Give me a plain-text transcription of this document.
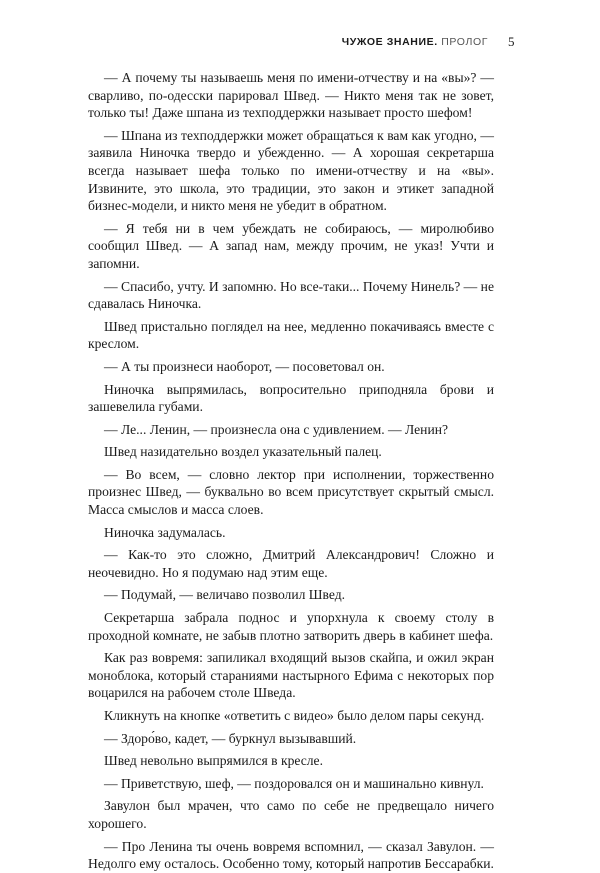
ЧУЖОЕ ЗНАНИЕ. ПРОЛОГ 5

— А почему ты называешь меня по имени-отчеству и на «вы»? — сварливо, по-одесски парировал Швед. — Никто меня так не зовет, только ты! Даже шпана из техподдержки называет просто шефом!

— Шпана из техподдержки может обращаться к вам как угодно, — заявила Ниночка твердо и убежденно. — А хорошая секретарша всегда называет шефа только по имени-отчеству и на «вы». Извините, это школа, это традиции, это закон и этикет западной бизнес-модели, и никто меня не убедит в обратном.

— Я тебя ни в чем убеждать не собираюсь, — миролюбиво сообщил Швед. — А запад нам, между прочим, не указ! Учти и запомни.

— Спасибо, учту. И запомню. Но все-таки... Почему Нинель? — не сдавалась Ниночка.

Швед пристально поглядел на нее, медленно покачиваясь вместе с креслом.

— А ты произнеси наоборот, — посоветовал он.

Ниночка выпрямилась, вопросительно приподняла брови и зашевелила губами.

— Ле... Ленин, — произнесла она с удивлением. — Ленин?

Швед назидательно воздел указательный палец.

— Во всем, — словно лектор при исполнении, торжественно произнес Швед, — буквально во всем присутствует скрытый смысл. Масса смыслов и масса слоев.

Ниночка задумалась.

— Как-то это сложно, Дмитрий Александрович! Сложно и неочевидно. Но я подумаю над этим еще.

— Подумай, — величаво позволил Швед.

Секретарша забрала поднос и упорхнула к своему столу в проходной комнате, не забыв плотно затворить дверь в кабинет шефа.

Как раз вовремя: запиликал входящий вызов скайпа, и ожил экран моноблока, который стараниями настырного Ефима с некоторых пор воцарился на рабочем столе Шведа.

Кликнуть на кнопке «ответить с видео» было делом пары секунд.

— Здоро́во, кадет, — буркнул вызывавший.

Швед невольно выпрямился в кресле.

— Приветствую, шеф, — поздоровался он и машинально кивнул.

Завулон был мрачен, что само по себе не предвещало ничего хорошего.

— Про Ленина ты очень вовремя вспомнил, — сказал Завулон. — Недолго ему осталось. Особенно тому, который напротив Бессарабки.
